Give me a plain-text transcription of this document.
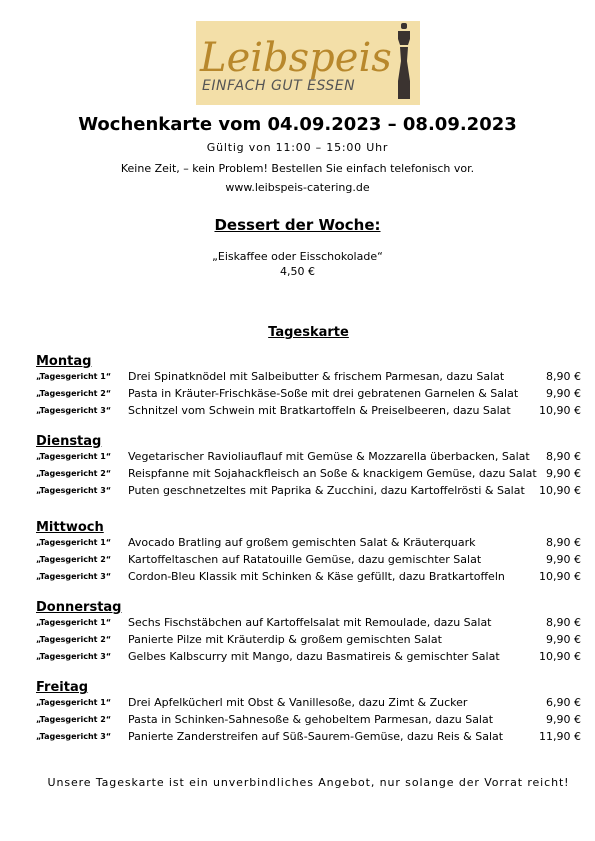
Leibspeis
EINFACH GUT ESSEN
Wochenkarte vom 04.09.2023 – 08.09.2023
Gültig von 11:00 – 15:00 Uhr
Keine Zeit, – kein Problem! Bestellen Sie einfach telefonisch vor.
www.leibspeis-catering.de
Dessert der Woche:
„Eiskaffee oder Eisschokolade“
4,50 €
Tageskarte
Montag
„Tagesgericht 1“ Drei Spinatknödel mit Salbeibutter & frischem Parmesan, dazu Salat	8,90 €
„Tagesgericht 2“ Pasta in Kräuter-Frischkäse-Soße mit drei gebratenen Garnelen & Salat	9,90 €
„Tagesgericht 3“ Schnitzel vom Schwein mit Bratkartoffeln & Preiselbeeren, dazu Salat	10,90 €
Dienstag
„Tagesgericht 1“ Vegetarischer Ravioliauflauf mit Gemüse & Mozzarella überbacken, Salat 8,90 €
„Tagesgericht 2“ Reispfanne mit Sojahackfleisch an Soße & knackigem Gemüse, dazu Salat 9,90 €
„Tagesgericht 3“ Puten geschnetzeltes mit Paprika & Zucchini, dazu Kartoffelrösti & Salat 10,90 €
Mittwoch
„Tagesgericht 1“ Avocado Bratling auf großem gemischten Salat & Kräuterquark	8,90 €
„Tagesgericht 2“ Kartoffeltaschen auf Ratatouille Gemüse, dazu gemischter Salat	9,90 €
„Tagesgericht 3“ Cordon-Bleu Klassik mit Schinken & Käse gefüllt, dazu Bratkartoffeln	10,90 €
Donnerstag
„Tagesgericht 1“ Sechs Fischstäbchen auf Kartoffelsalat mit Remoulade, dazu Salat	8,90 €
„Tagesgericht 2“ Panierte Pilze mit Kräuterdip & großem gemischten Salat	9,90 €
„Tagesgericht 3“ Gelbes Kalbscurry mit Mango, dazu Basmatireis & gemischter Salat	10,90 €
Freitag
„Tagesgericht 1“ Drei Apfelkücherl mit Obst & Vanillesoße, dazu Zimt & Zucker	6,90 €
„Tagesgericht 2“ Pasta in Schinken-Sahnesoße & gehobeltem Parmesan, dazu Salat	9,90 €
„Tagesgericht 3“ Panierte Zanderstreifen auf Süß-Saurem-Gemüse, dazu Reis & Salat	11,90 €
Unsere Tageskarte ist ein unverbindliches Angebot, nur solange der Vorrat reicht!
